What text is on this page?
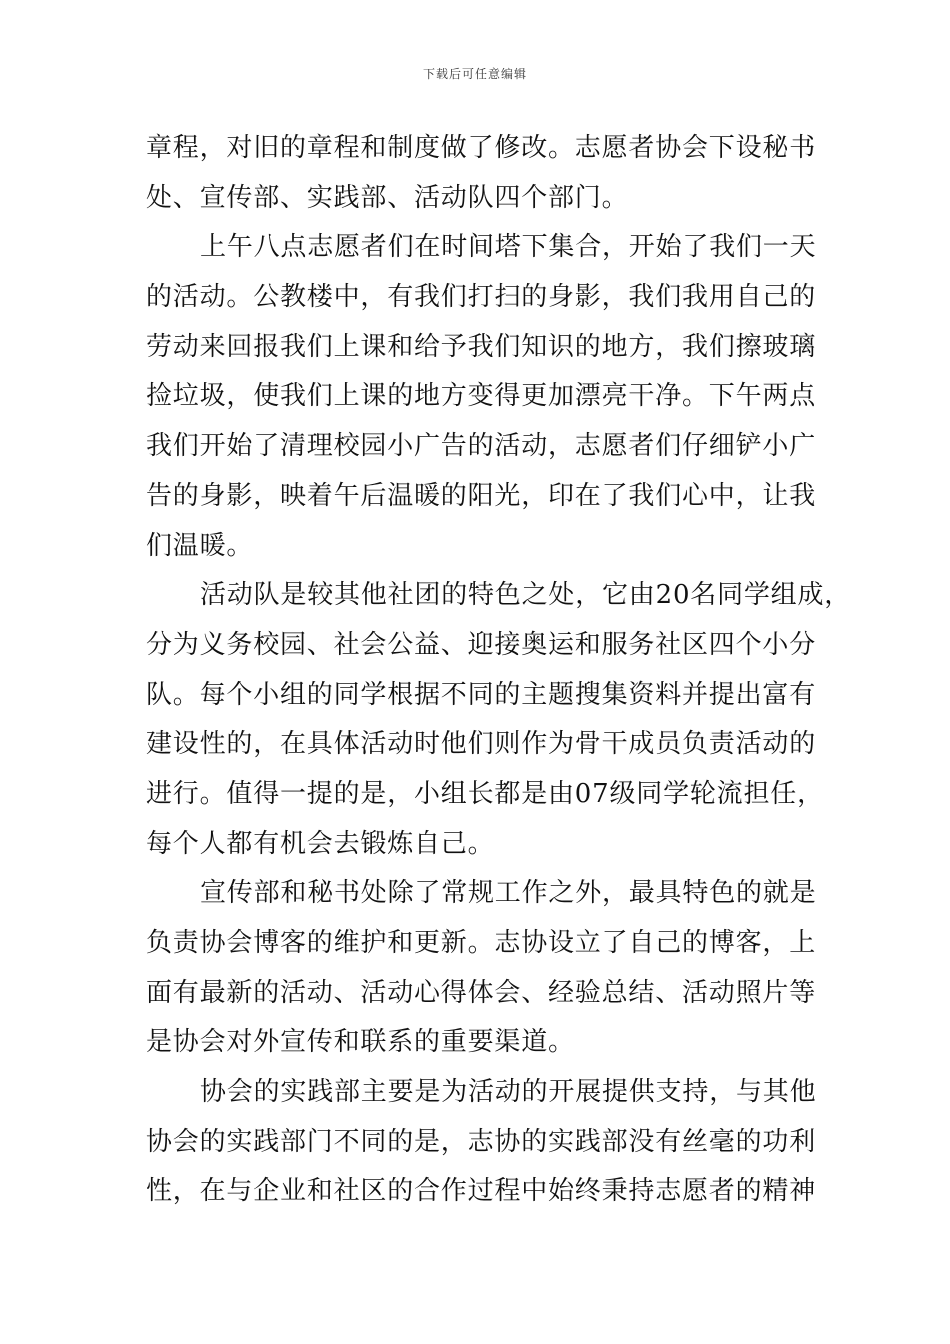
下载后可任意编辑
章程，对旧的章程和制度做了修改。志愿者协会下设秘书
处、宣传部、实践部、活动队四个部门。
上午八点志愿者们在时间塔下集合，开始了我们一天
的活动。公教楼中，有我们打扫的身影，我们我用自己的
劳动来回报我们上课和给予我们知识的地方，我们擦玻璃
捡垃圾，使我们上课的地方变得更加漂亮干净。下午两点
我们开始了清理校园小广告的活动，志愿者们仔细铲小广
告的身影，映着午后温暖的阳光，印在了我们心中，让我
们温暖。
活动队是较其他社团的特色之处，它由20名同学组成，
分为义务校园、社会公益、迎接奥运和服务社区四个小分
队。每个小组的同学根据不同的主题搜集资料并提出富有
建设性的，在具体活动时他们则作为骨干成员负责活动的
进行。值得一提的是，小组长都是由07级同学轮流担任，
每个人都有机会去锻炼自己。
宣传部和秘书处除了常规工作之外，最具特色的就是
负责协会博客的维护和更新。志协设立了自己的博客，上
面有最新的活动、活动心得体会、经验总结、活动照片等
是协会对外宣传和联系的重要渠道。
协会的实践部主要是为活动的开展提供支持，与其他
协会的实践部门不同的是，志协的实践部没有丝毫的功利
性，在与企业和社区的合作过程中始终秉持志愿者的精神
